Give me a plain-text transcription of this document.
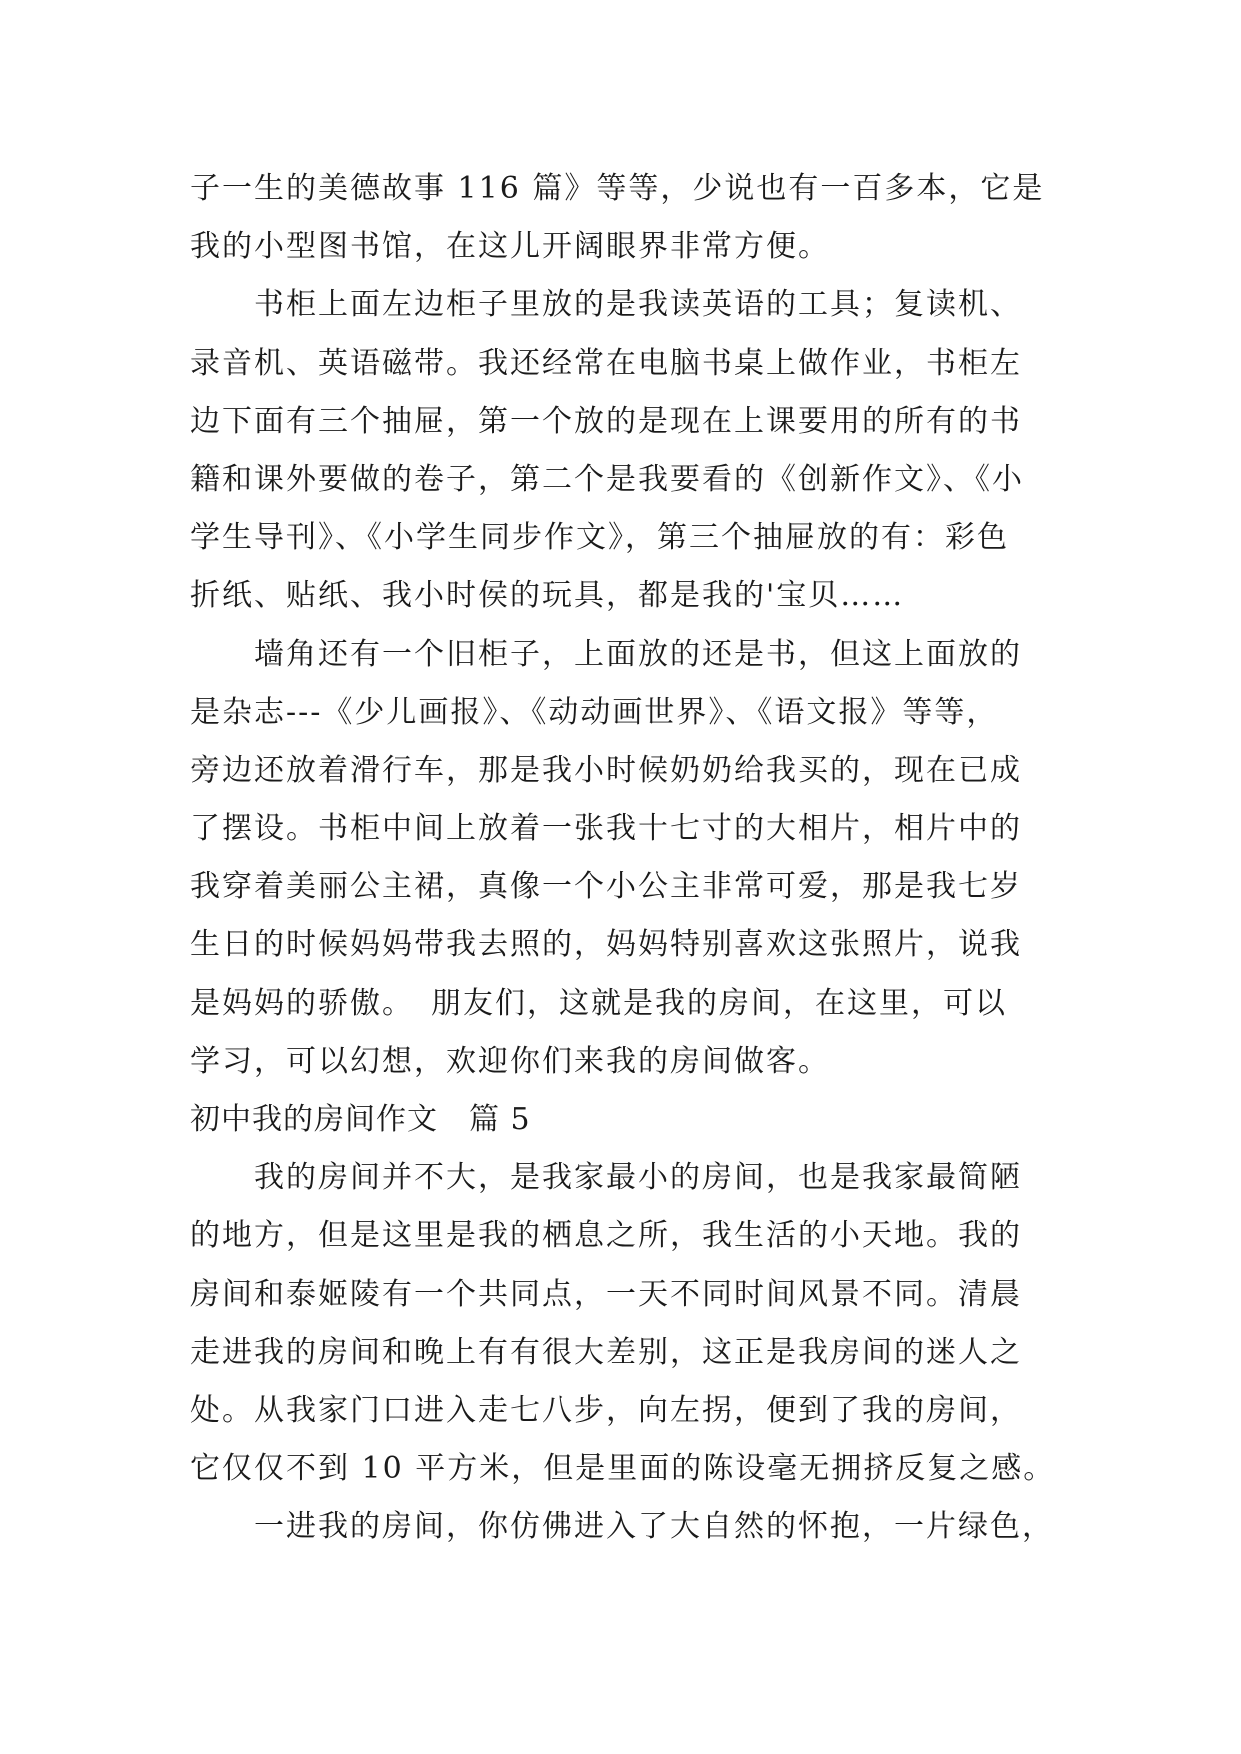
子一生的美德故事 116 篇》等等，少说也有一百多本，它是
我的小型图书馆，在这儿开阔眼界非常方便。
　　书柜上面左边柜子里放的是我读英语的工具；复读机、
录音机、英语磁带。我还经常在电脑书桌上做作业，书柜左
边下面有三个抽屉，第一个放的是现在上课要用的所有的书
籍和课外要做的卷子，第二个是我要看的《创新作文》、《小
学生导刊》、《小学生同步作文》，第三个抽屉放的有：彩色
折纸、贴纸、我小时侯的玩具，都是我的'宝贝……
　　墙角还有一个旧柜子，上面放的还是书，但这上面放的
是杂志---《少儿画报》、《动动画世界》、《语文报》等等，
旁边还放着滑行车，那是我小时候奶奶给我买的，现在已成
了摆设。书柜中间上放着一张我十七寸的大相片，相片中的
我穿着美丽公主裙，真像一个小公主非常可爱，那是我七岁
生日的时候妈妈带我去照的，妈妈特别喜欢这张照片，说我
是妈妈的骄傲。　朋友们，这就是我的房间，在这里，可以
学习，可以幻想，欢迎你们来我的房间做客。
初中我的房间作文　篇 5
　　我的房间并不大，是我家最小的房间，也是我家最简陋
的地方，但是这里是我的栖息之所，我生活的小天地。我的
房间和泰姬陵有一个共同点，一天不同时间风景不同。清晨
走进我的房间和晚上有有很大差别，这正是我房间的迷人之
处。从我家门口进入走七八步，向左拐，便到了我的房间，
它仅仅不到 10 平方米，但是里面的陈设毫无拥挤反复之感。
　　一进我的房间，你仿佛进入了大自然的怀抱，一片绿色，
